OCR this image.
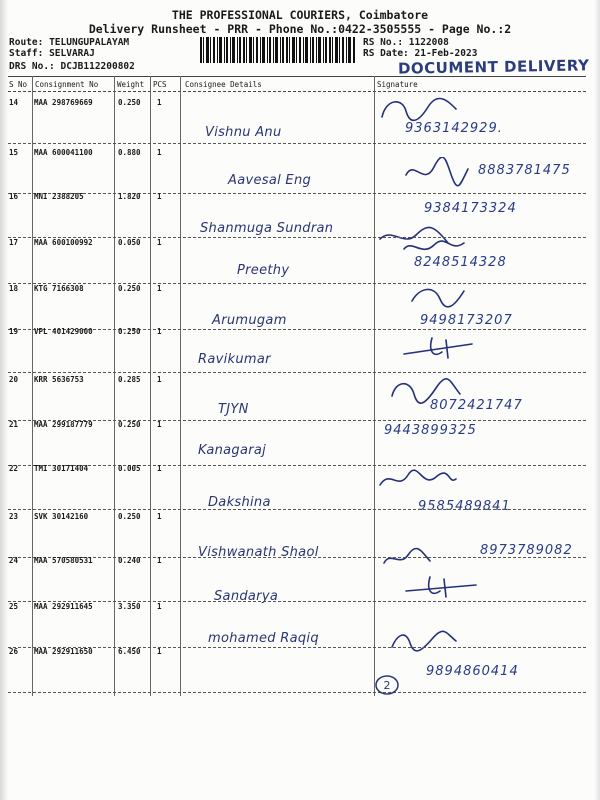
THE PROFESSIONAL COURIERS, Coimbatore
Delivery Runsheet - PRR - Phone No.:0422-3505555 - Page No.:2
Route: TELUNGUPALAYAM
Staff: SELVARAJ
DRS No.: DCJB112200802
RS No.: 1122008
RS Date: 21-Feb-2023
DOCUMENT DELIVERY
S No Consignment No	Weight PCS Consignee Details	Signature
14 MAA 298769669	0.250 1
Vishnu Anu	9363142929.
15 MAA 600041100	0.880 1
Aavesal Eng
8883781475
16 MNI 2388205	1.820 1
Shanmuga Sundran
9384173324
17 MAA 600100992	0.050 1
Preethy
8248514328
18 KTG 7166308	0.250 1
Arumugam	9498173207
19 VPL 401429000	0.250 1
Ravikumar
20 KRR 5636753	0.285 1
TJYN	8072421747
21 MAA 299187779	0.250 1
Kanagaraj
9443899325
22 TMI 30171404	0.005 1
Dakshina	9585489841
23 SVK 30142160	0.250 1
Vishwanath Shaol	8973789082
24 MAA 570580531	0.240 1
Sandarya
25 MAA 292911645	3.350 1
mohamed Raqiq
26 MAA 292911650	6.450 1
9894860414
2
